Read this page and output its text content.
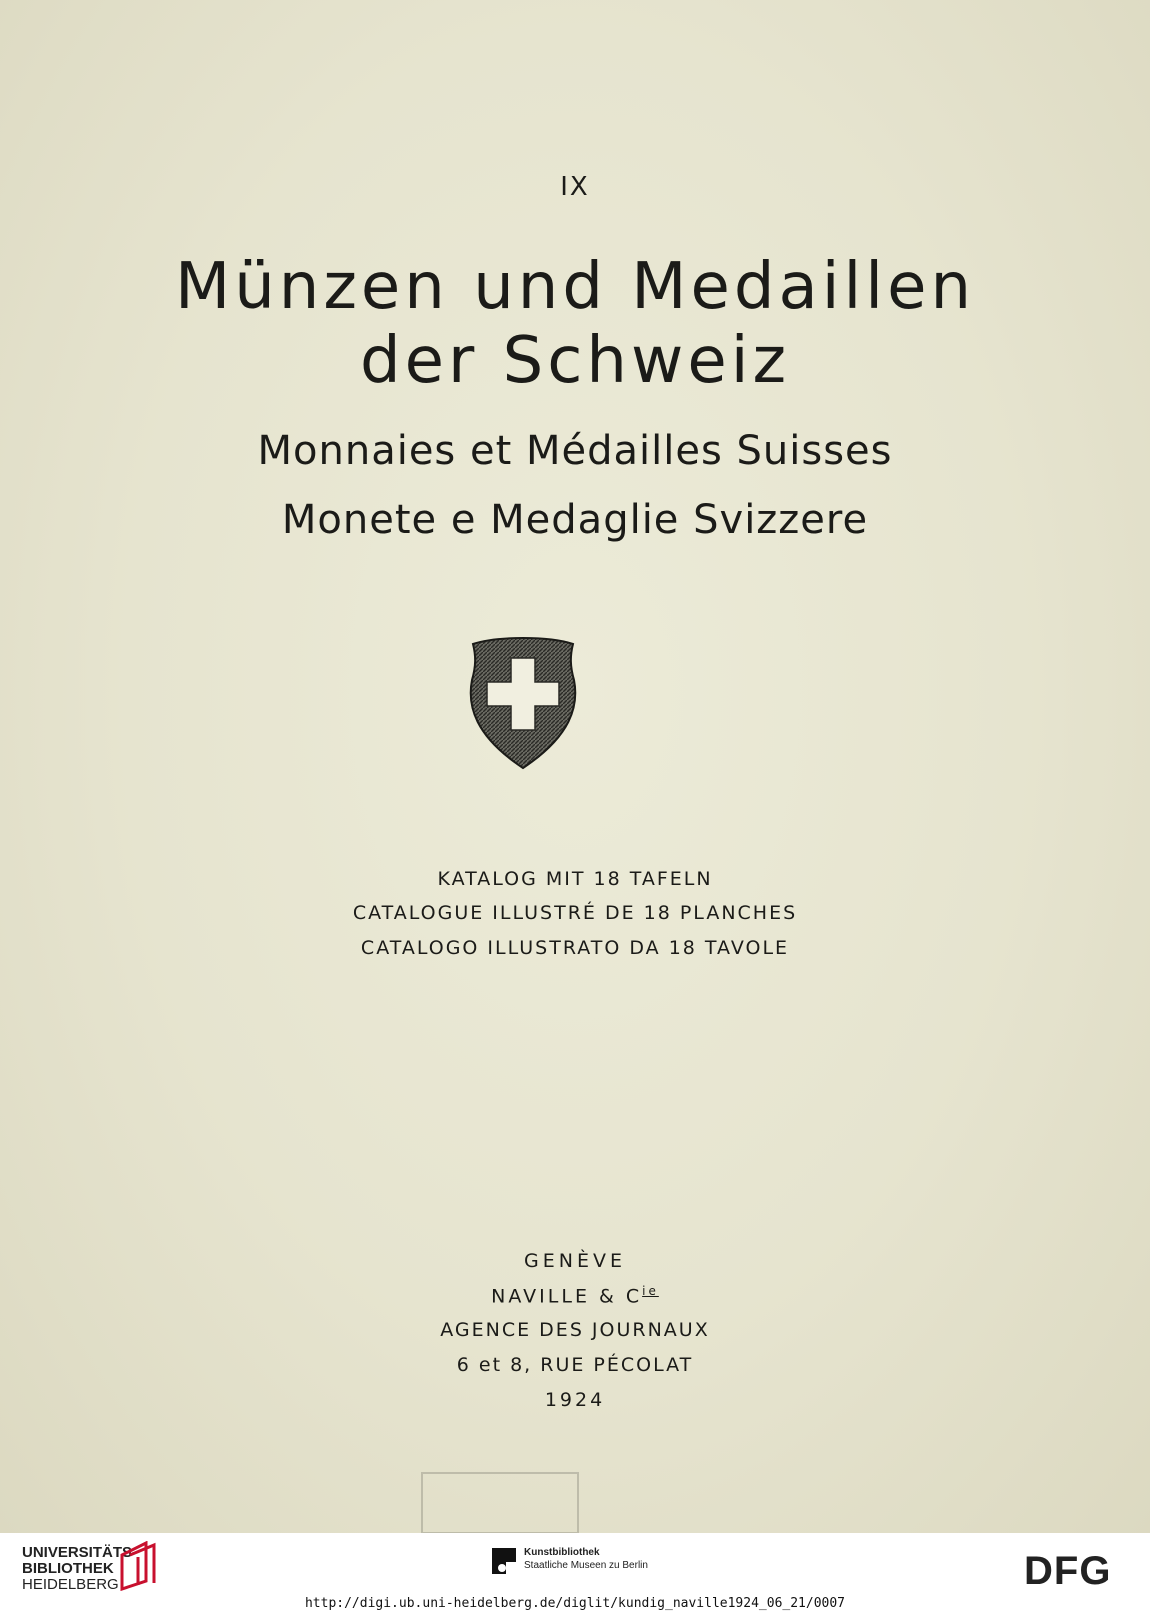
IX
Münzen und Medaillen
der Schweiz
Monnaies et Médailles Suisses
Monete e Medaglie Svizzere
KATALOG MIT 18 TAFELN
CATALOGUE ILLUSTRÉ DE 18 PLANCHES
CATALOGO ILLUSTRATO DA 18 TAVOLE
GENÈVE
NAVILLE & $C^{ie}$
AGENCE DES JOURNAUX
6 et 8, RUE PÉCOLAT
1924
UNIVERSITÄTS-
BIBLIOTHEK
HEIDELBERG
Kunstbibliothek
Staatliche Museen zu Berlin	DFG
http://digi.ub.uni-heidelberg.de/diglit/kundig_naville1924_06_21/0007
